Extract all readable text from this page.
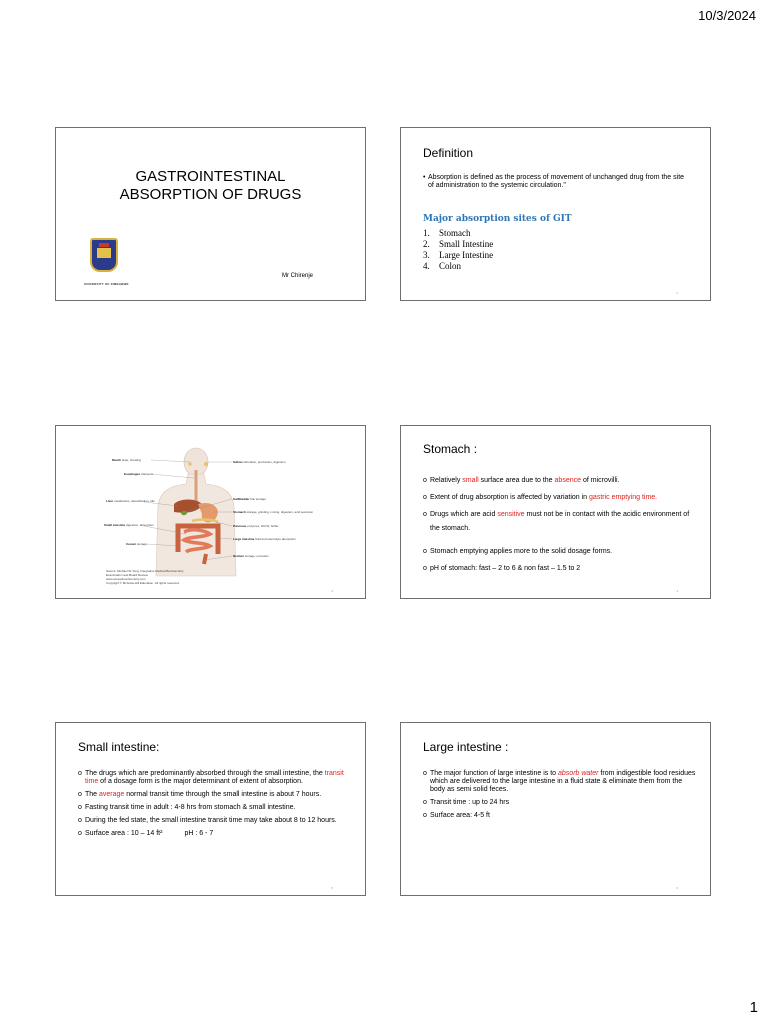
10/3/2024
GASTROINTESTINAL
ABSORPTION OF DRUGS
UNIVERSITY OF ZIMBABWE
Mr Chirenje
Definition
• Absorption is defined as the process of movement of unchanged drug from the site of administration to the systemic circulation."
Major absorption sites of GIT
1. Stomach
2. Small Intestine
3. Large Intestine
4. Colon
2
Mouth taste, chewing
Esophagus transport
Liver metabolism, detoxification, bile
Small intestine digestion, absorption
Cecum storage
Saliva lubrication, production, digestion
Gallbladder bile storage
Stomach storage, grinding, mixing, digestion, acid secretion
Pancreas enzymes, HCO3, buffer
Large intestine fluid and electrolyte absorption
Rectum storage, excretion
Source: Michael W. King, Integrative Medical Biochemistry
Examination and Board Review
www.accessbiochemistry.com
Copyright © McGraw-Hill Education. All rights reserved.
3
Stomach :
o Relatively small surface area due to the absence of microvilli.
o Extent of drug absorption is affected by variation in gastric emptying time.
o Drugs which are acid sensitive must not be in contact with the acidic environment of the stomach.
o Stomach emptying applies more to the solid dosage forms.
o pH of stomach: fast – 2 to 6 & non fast – 1.5 to 2
4
Small intestine:
o The drugs which are predominantly absorbed through the small intestine, the transit time of a dosage form is the major determinant of extent of absorption.
o The average normal transit time through the small intestine is about 7 hours.
o Fasting transit time in adult : 4-8 hrs from stomach & small intestine.
o During the fed state, the small intestine transit time may take about 8 to 12 hours.
o Surface area : 10 – 14 ft²	pH : 6 - 7
5
Large intestine :
o The major function of large intestine is to absorb water from indigestible food residues which are delivered to the large intestine in a fluid state & eliminate them from the body as semi solid feces.
o Transit time : up to 24 hrs
o Surface area: 4-5 ft
6
1
